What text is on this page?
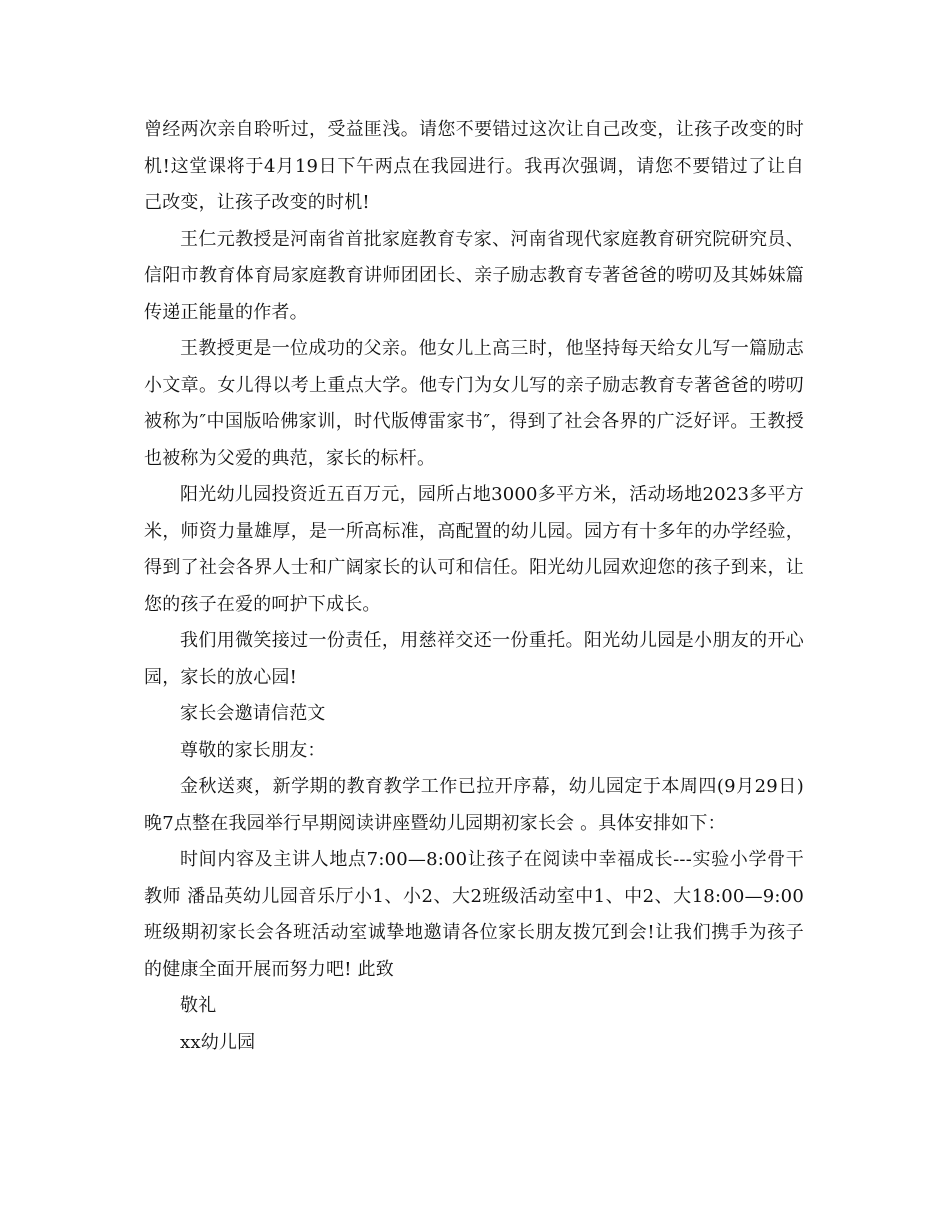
曾经两次亲自聆听过，受益匪浅。请您不要错过这次让自己改变，让孩子改变的时机!这堂课将于4月19日下午两点在我园进行。我再次强调，请您不要错过了让自己改变，让孩子改变的时机!

王仁元教授是河南省首批家庭教育专家、河南省现代家庭教育研究院研究员、信阳市教育体育局家庭教育讲师团团长、亲子励志教育专著爸爸的唠叨及其姊妹篇传递正能量的作者。

王教授更是一位成功的父亲。他女儿上高三时，他坚持每天给女儿写一篇励志小文章。女儿得以考上重点大学。他专门为女儿写的亲子励志教育专著爸爸的唠叨被称为″中国版哈佛家训，时代版傅雷家书″，得到了社会各界的广泛好评。王教授也被称为父爱的典范，家长的标杆。

阳光幼儿园投资近五百万元，园所占地3000多平方米，活动场地2023多平方米，师资力量雄厚，是一所高标准，高配置的幼儿园。园方有十多年的办学经验，得到了社会各界人士和广阔家长的认可和信任。阳光幼儿园欢迎您的孩子到来，让您的孩子在爱的呵护下成长。

我们用微笑接过一份责任，用慈祥交还一份重托。阳光幼儿园是小朋友的开心园，家长的放心园!

家长会邀请信范文

尊敬的家长朋友：

金秋送爽，新学期的教育教学工作已拉开序幕，幼儿园定于本周四(9月29日)晚7点整在我园举行早期阅读讲座暨幼儿园期初家长会 。具体安排如下：

时间内容及主讲人地点7:00—8:00让孩子在阅读中幸福成长---实验小学骨干教师 潘品英幼儿园音乐厅小1、小2、大2班级活动室中1、中2、大18:00—9:00班级期初家长会各班活动室诚挚地邀请各位家长朋友拨冗到会!让我们携手为孩子的健康全面开展而努力吧! 此致

敬礼

xx幼儿园
